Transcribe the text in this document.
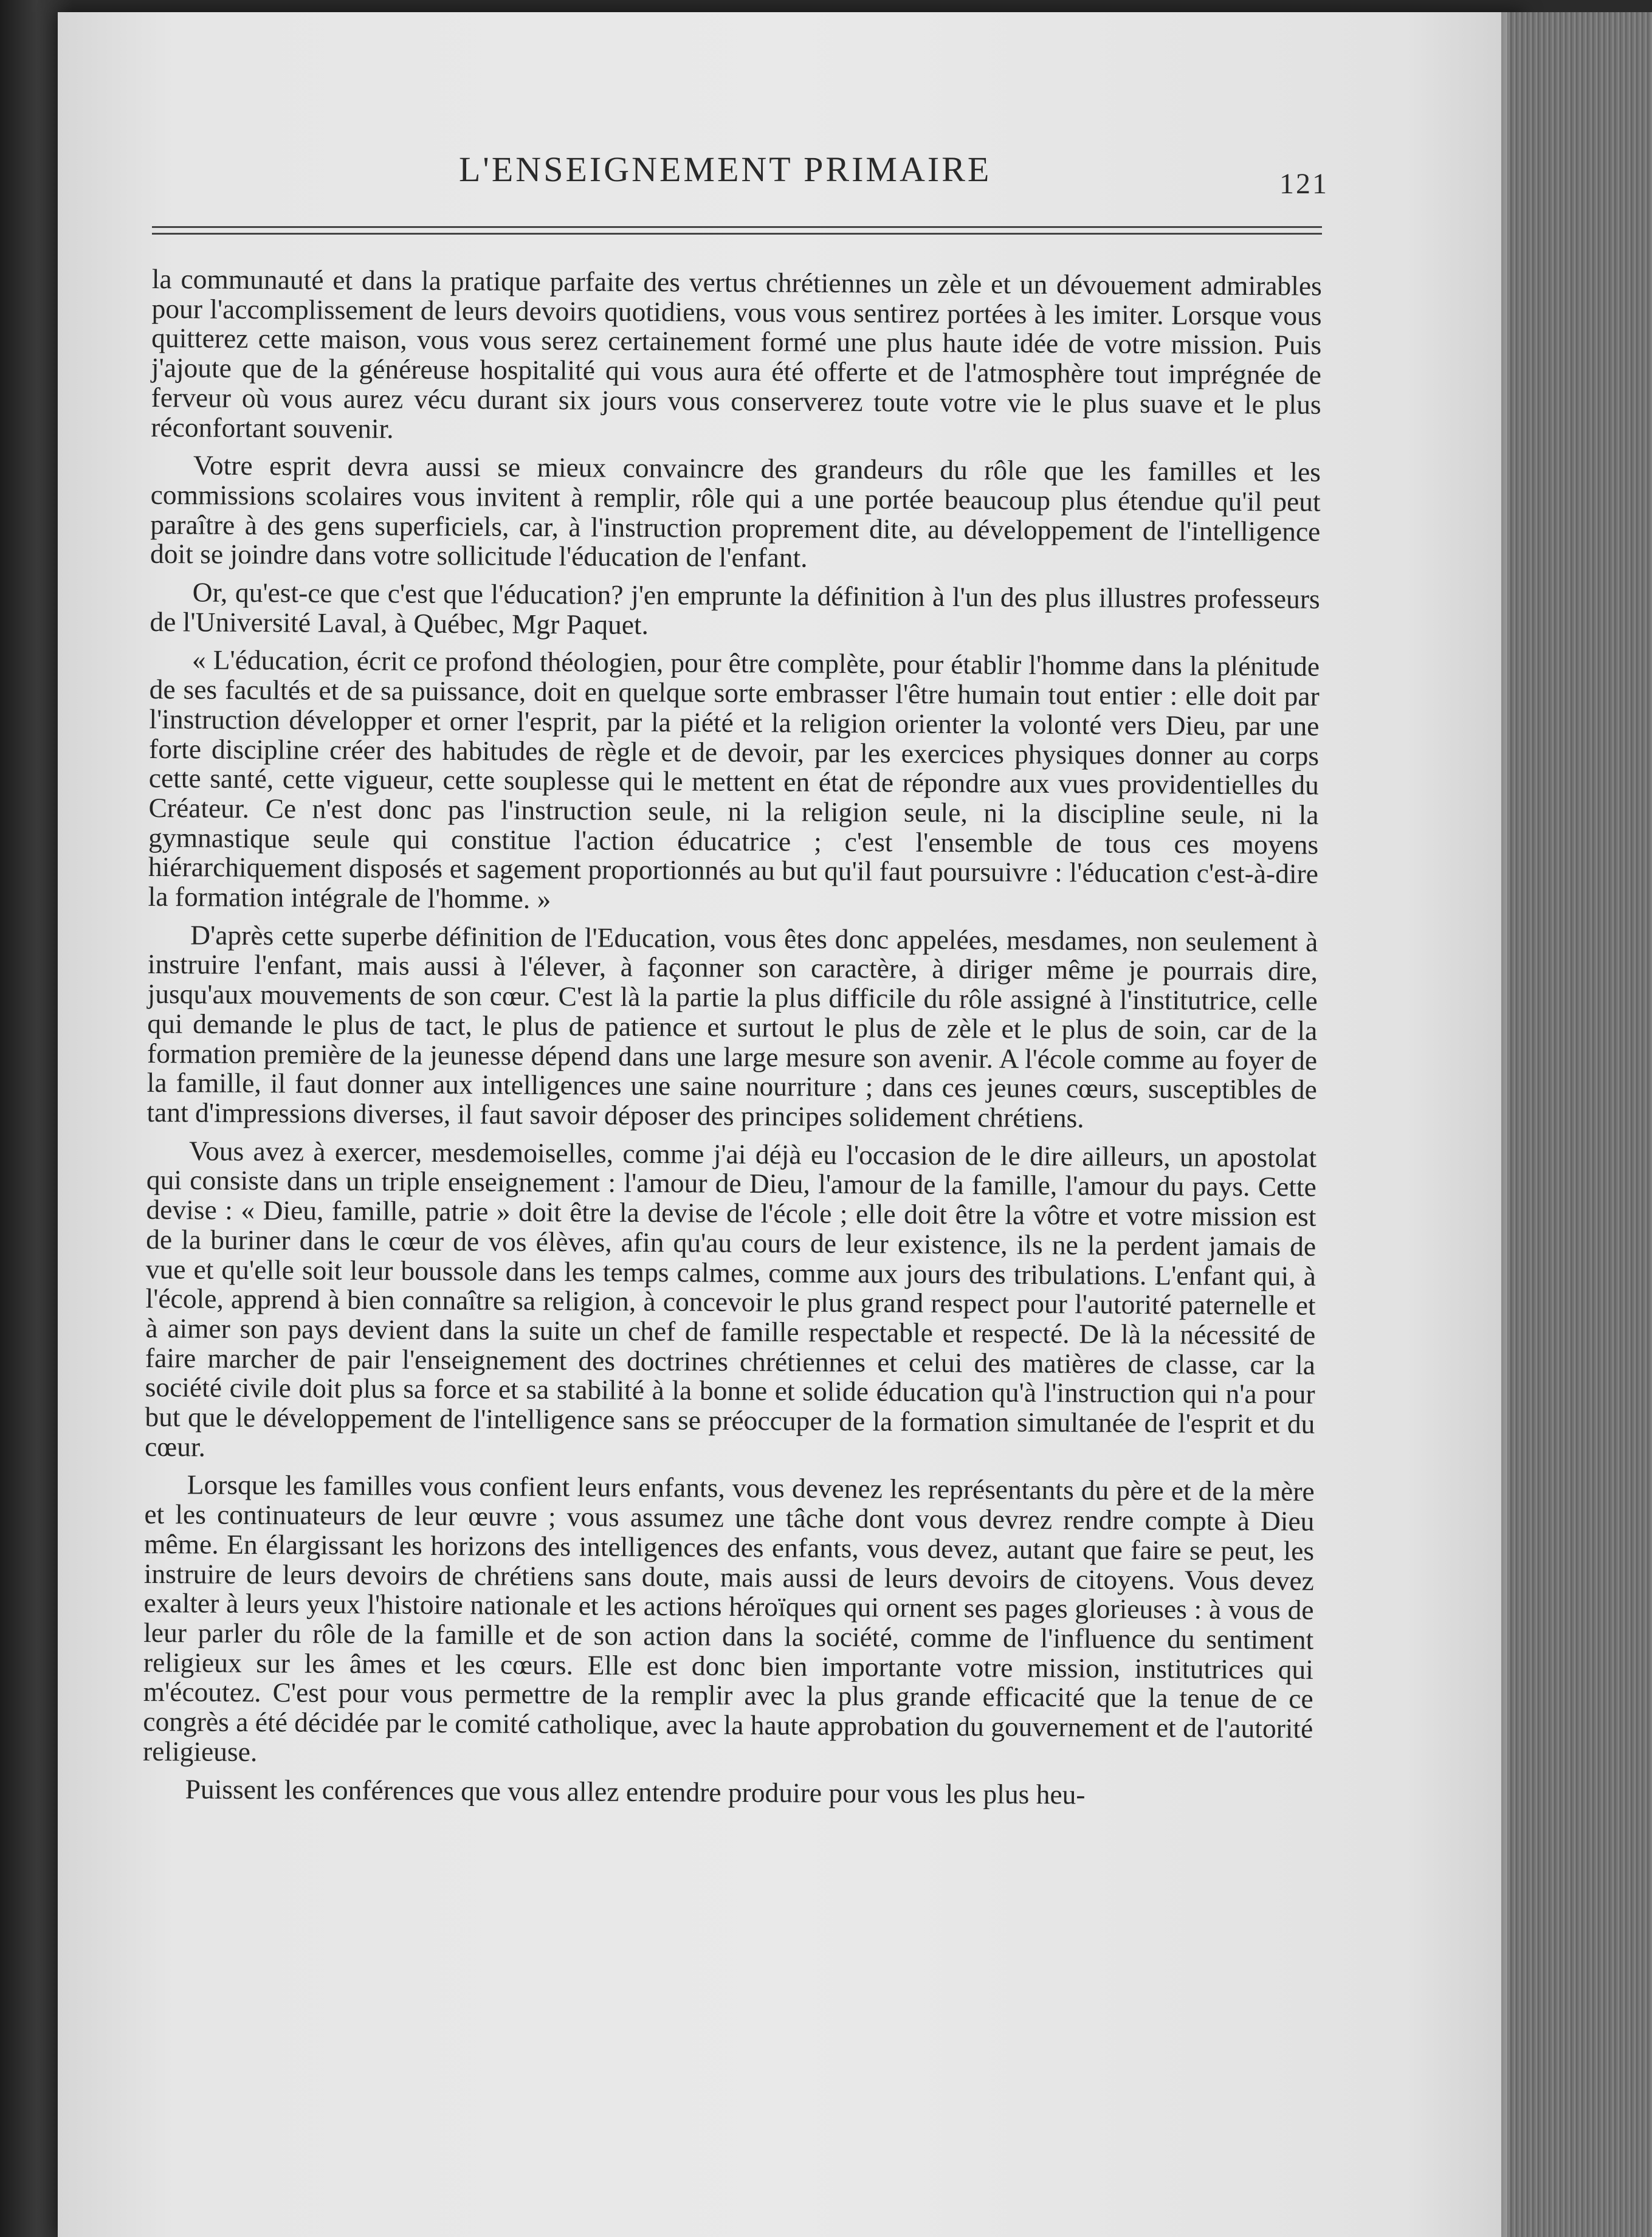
L'ENSEIGNEMENT PRIMAIRE	121

la communauté et dans la pratique parfaite des vertus chrétiennes un zèle et un dévouement admirables pour l'accomplissement de leurs devoirs quotidiens, vous vous sentirez portées à les imiter. Lorsque vous quitterez cette maison, vous vous serez certainement formé une plus haute idée de votre mission. Puis j'ajoute que de la généreuse hospitalité qui vous aura été offerte et de l'atmosphère tout imprégnée de ferveur où vous aurez vécu durant six jours vous conserverez toute votre vie le plus suave et le plus réconfortant souvenir.

Votre esprit devra aussi se mieux convaincre des grandeurs du rôle que les familles et les commissions scolaires vous invitent à remplir, rôle qui a une portée beaucoup plus étendue qu'il peut paraître à des gens superficiels, car, à l'instruction proprement dite, au développement de l'intelligence doit se joindre dans votre sollicitude l'éducation de l'enfant.

Or, qu'est-ce que c'est que l'éducation? j'en emprunte la définition à l'un des plus illustres professeurs de l'Université Laval, à Québec, Mgr Paquet.

« L'éducation, écrit ce profond théologien, pour être complète, pour établir l'homme dans la plénitude de ses facultés et de sa puissance, doit en quelque sorte embrasser l'être humain tout entier : elle doit par l'instruction développer et orner l'esprit, par la piété et la religion orienter la volonté vers Dieu, par une forte discipline créer des habitudes de règle et de devoir, par les exercices physiques donner au corps cette santé, cette vigueur, cette souplesse qui le mettent en état de répondre aux vues providentielles du Créateur. Ce n'est donc pas l'instruction seule, ni la religion seule, ni la discipline seule, ni la gymnastique seule qui constitue l'action éducatrice ; c'est l'ensemble de tous ces moyens hiérarchiquement disposés et sagement proportionnés au but qu'il faut poursuivre : l'éducation c'est-à-dire la formation intégrale de l'homme. »

D'après cette superbe définition de l'Education, vous êtes donc appelées, mesdames, non seulement à instruire l'enfant, mais aussi à l'élever, à façonner son caractère, à diriger même je pourrais dire, jusqu'aux mouvements de son cœur. C'est là la partie la plus difficile du rôle assigné à l'institutrice, celle qui demande le plus de tact, le plus de patience et surtout le plus de zèle et le plus de soin, car de la formation première de la jeunesse dépend dans une large mesure son avenir. A l'école comme au foyer de la famille, il faut donner aux intelligences une saine nourriture ; dans ces jeunes cœurs, susceptibles de tant d'impressions diverses, il faut savoir déposer des principes solidement chrétiens.

Vous avez à exercer, mesdemoiselles, comme j'ai déjà eu l'occasion de le dire ailleurs, un apostolat qui consiste dans un triple enseignement : l'amour de Dieu, l'amour de la famille, l'amour du pays. Cette devise : « Dieu, famille, patrie » doit être la devise de l'école ; elle doit être la vôtre et votre mission est de la buriner dans le cœur de vos élèves, afin qu'au cours de leur existence, ils ne la perdent jamais de vue et qu'elle soit leur boussole dans les temps calmes, comme aux jours des tribulations. L'enfant qui, à l'école, apprend à bien connaître sa religion, à concevoir le plus grand respect pour l'autorité paternelle et à aimer son pays devient dans la suite un chef de famille respectable et respecté. De là la nécessité de faire marcher de pair l'enseignement des doctrines chrétiennes et celui des matières de classe, car la société civile doit plus sa force et sa stabilité à la bonne et solide éducation qu'à l'instruction qui n'a pour but que le développement de l'intelligence sans se préoccuper de la formation simultanée de l'esprit et du cœur.

Lorsque les familles vous confient leurs enfants, vous devenez les représentants du père et de la mère et les continuateurs de leur œuvre ; vous assumez une tâche dont vous devrez rendre compte à Dieu même. En élargissant les horizons des intelligences des enfants, vous devez, autant que faire se peut, les instruire de leurs devoirs de chrétiens sans doute, mais aussi de leurs devoirs de citoyens. Vous devez exalter à leurs yeux l'histoire nationale et les actions héroïques qui ornent ses pages glorieuses : à vous de leur parler du rôle de la famille et de son action dans la société, comme de l'influence du sentiment religieux sur les âmes et les cœurs. Elle est donc bien importante votre mission, institutrices qui m'écoutez. C'est pour vous permettre de la remplir avec la plus grande efficacité que la tenue de ce congrès a été décidée par le comité catholique, avec la haute approbation du gouvernement et de l'autorité religieuse.

Puissent les conférences que vous allez entendre produire pour vous les plus heu-
